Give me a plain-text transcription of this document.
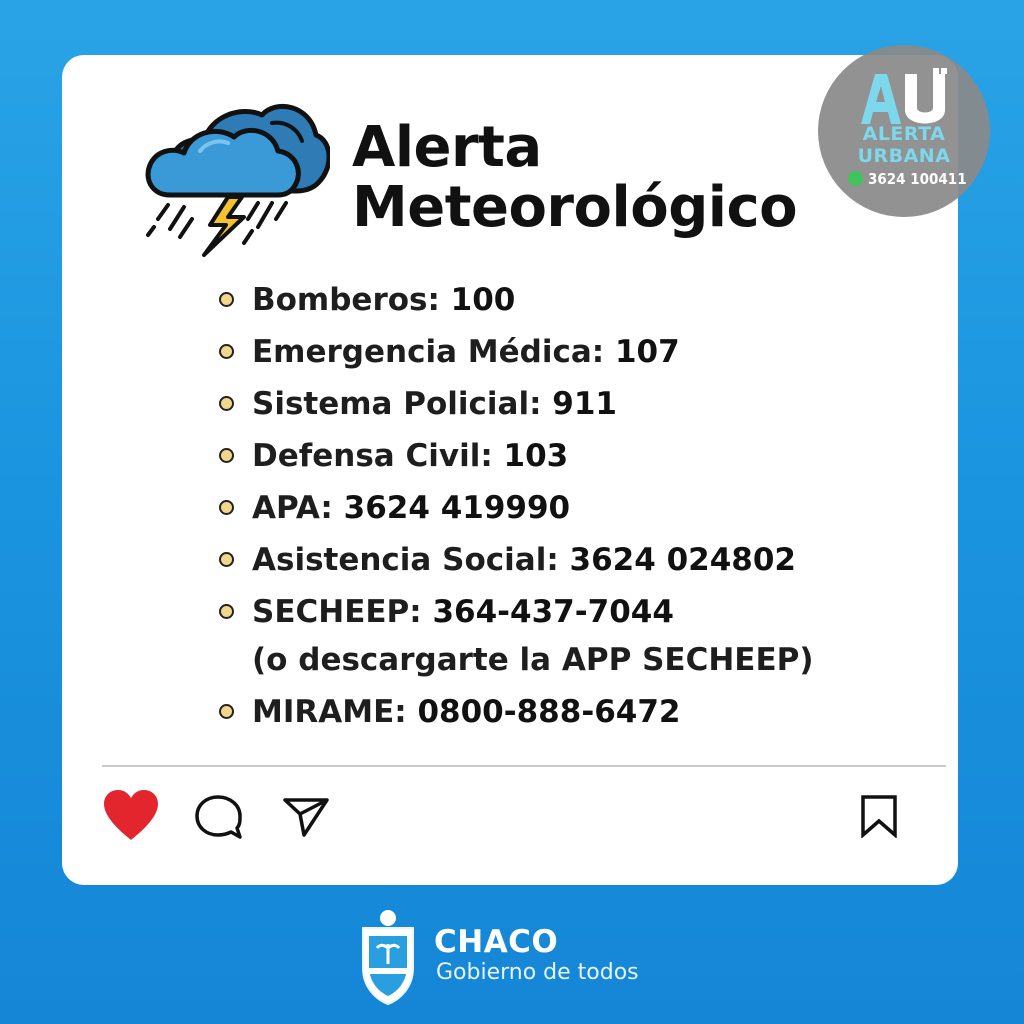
Alerta
Meteorológico
ALERTA
URBANA
3624 100411
Bomberos: 100
Emergencia Médica: 107
Sistema Policial: 911
Defensa Civil: 103
APA: 3624 419990
Asistencia Social: 3624 024802
SECHEEP: 364-437-7044
(o descargarte la APP SECHEEP)
MIRAME: 0800-888-6472
CHACO
Gobierno de todos
